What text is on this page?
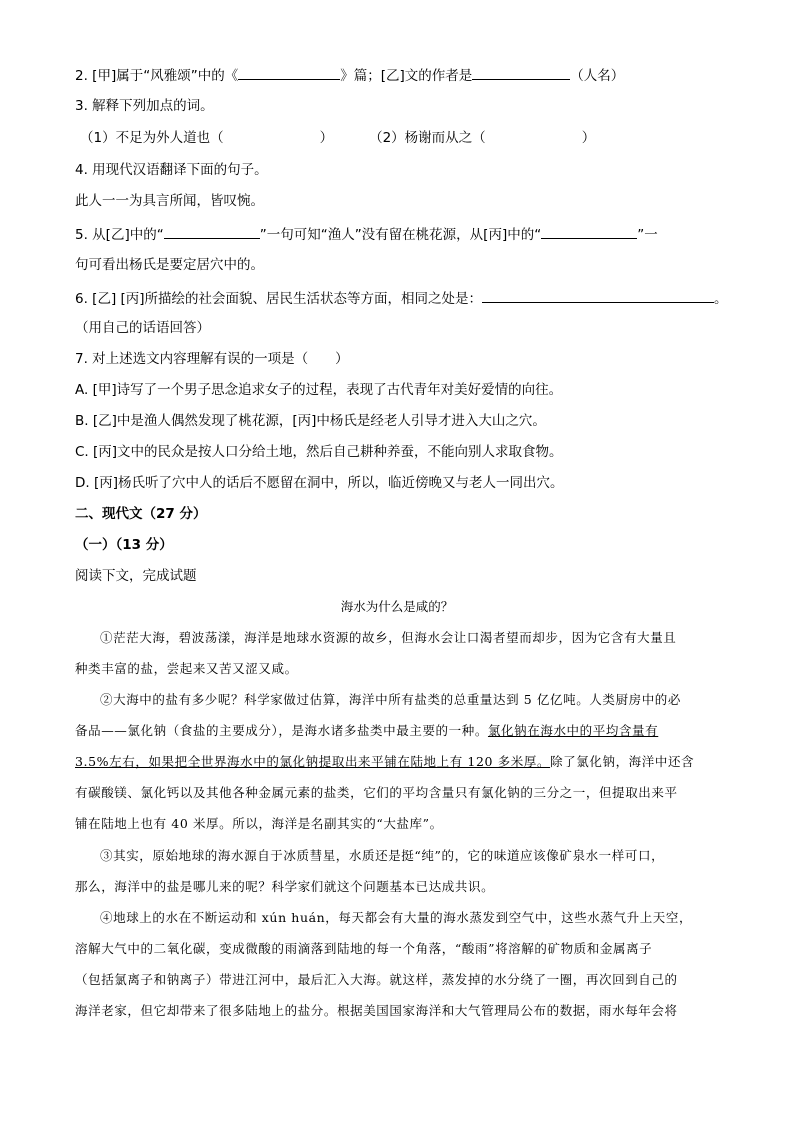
2. [甲]属于“风雅颂”中的《	》篇；[乙]文的作者是	（人名）
3. 解释下列加点的词。
（1）不足为外人道也（	）	（2）杨谢而从之（	）
4. 用现代汉语翻译下面的句子。
此人一一为具言所闻，皆叹惋。
5. 从[乙]中的“	”一句可知“渔人”没有留在桃花源，从[丙]中的“	”一
句可看出杨氏是要定居穴中的。
6. [乙] [丙]所描绘的社会面貌、居民生活状态等方面，相同之处是：	。
（用自己的话语回答）
7. 对上述选文内容理解有误的一项是（　　）
A. [甲]诗写了一个男子思念追求女子的过程，表现了古代青年对美好爱情的向往。
B. [乙]中是渔人偶然发现了桃花源，[丙]中杨氏是经老人引导才进入大山之穴。
C. [丙]文中的民众是按人口分给土地，然后自己耕种养蚕，不能向别人求取食物。
D. [丙]杨氏听了穴中人的话后不愿留在洞中，所以，临近傍晚又与老人一同出穴。
二、现代文（27 分）
（一）（13 分）
阅读下文，完成试题
海水为什么是咸的？
①茫茫大海，碧波荡漾，海洋是地球水资源的故乡，但海水会让口渴者望而却步，因为它含有大量且
种类丰富的盐，尝起来又苦又涩又咸。
②大海中的盐有多少呢？科学家做过估算，海洋中所有盐类的总重量达到 5 亿亿吨。人类厨房中的必
备品——氯化钠（食盐的主要成分），是海水诸多盐类中最主要的一种。氯化钠在海水中的平均含量有
3.5%左右，如果把全世界海水中的氯化钠提取出来平铺在陆地上有 120 多米厚。除了氯化钠，海洋中还含
有碳酸镁、氯化钙以及其他各种金属元素的盐类，它们的平均含量只有氯化钠的三分之一，但提取出来平
铺在陆地上也有 40 米厚。所以，海洋是名副其实的“大盐库”。
③其实，原始地球的海水源自于冰质彗星，水质还是挺“纯”的，它的味道应该像矿泉水一样可口，
那么，海洋中的盐是哪儿来的呢？科学家们就这个问题基本已达成共识。
④地球上的水在不断运动和 xún huán，每天都会有大量的海水蒸发到空气中，这些水蒸气升上天空，
溶解大气中的二氧化碳，变成微酸的雨滴落到陆地的每一个角落，“酸雨”将溶解的矿物质和金属离子
（包括氯离子和钠离子）带进江河中，最后汇入大海。就这样，蒸发掉的水分绕了一圈，再次回到自己的
海洋老家，但它却带来了很多陆地上的盐分。根据美国国家海洋和大气管理局公布的数据，雨水每年会将
